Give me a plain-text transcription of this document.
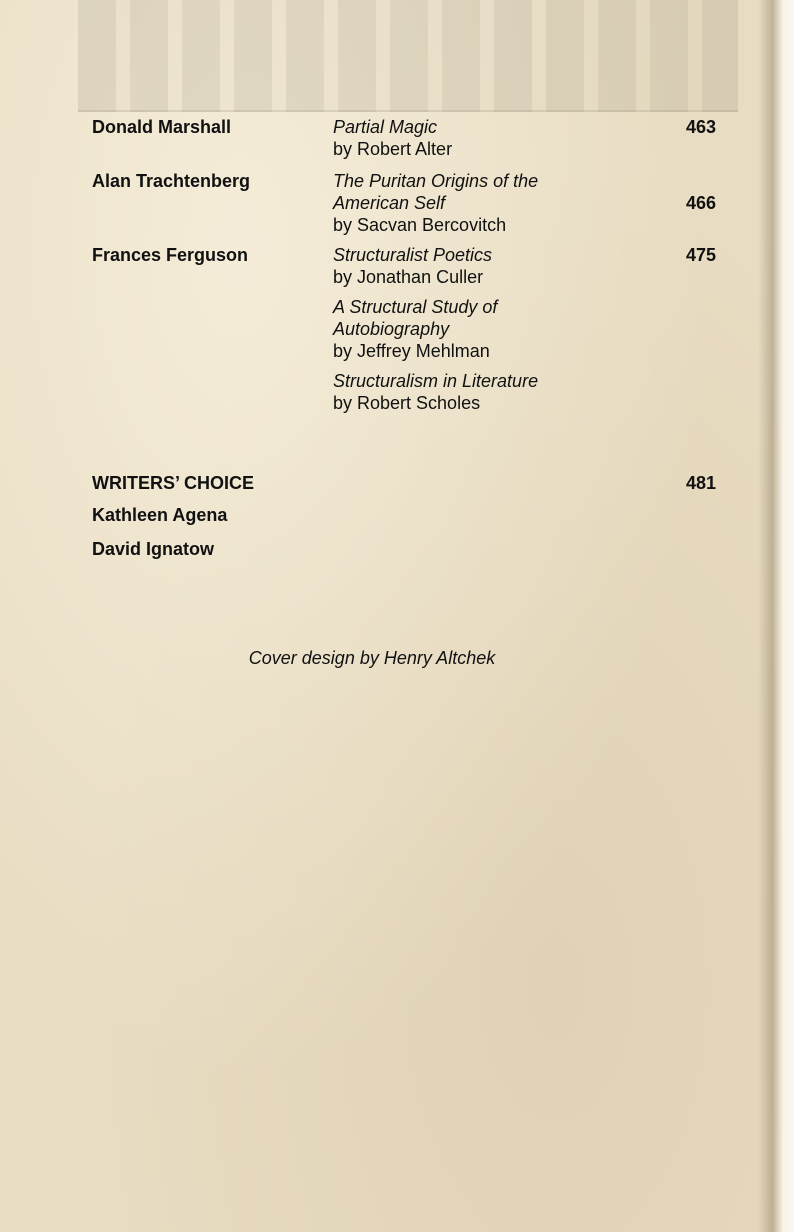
Donald Marshall	Partial Magic
by Robert Alter
463
Alan Trachtenberg	The Puritan Origins of the American Self
by Sacvan Bercovitch
466
Frances Ferguson	Structuralist Poetics
by Jonathan Culler
A Structural Study of Autobiography
by Jeffrey Mehlman
Structuralism in Literature
by Robert Scholes
475
WRITERS’ CHOICE	481
Kathleen Agena
David Ignatow
Cover design by Henry Altchek
